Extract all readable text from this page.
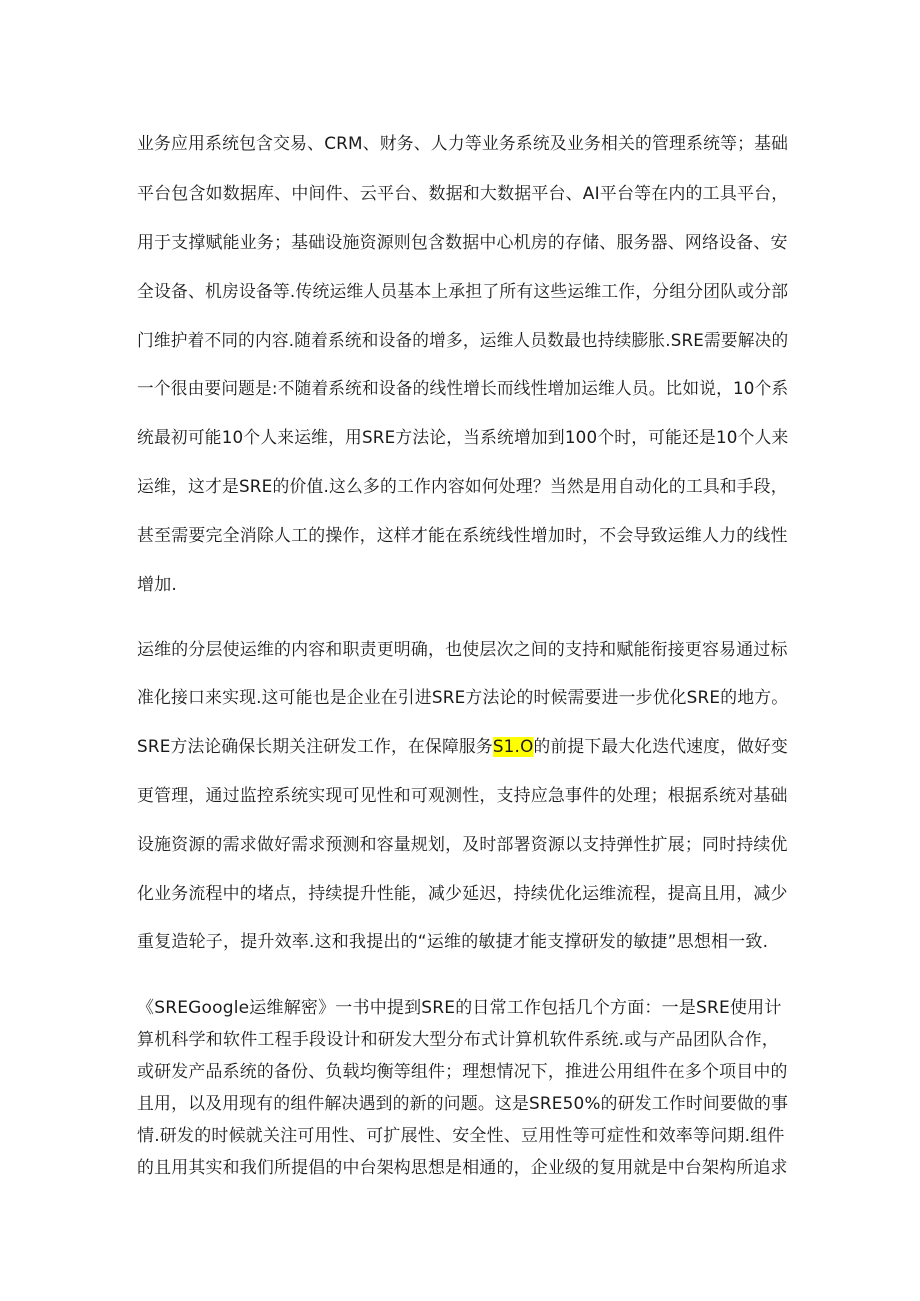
业务应用系统包含交易、CRM、财务、人力等业务系统及业务相关的管理系统等；基础
平台包含如数据库、中间件、云平台、数据和大数据平台、AI平台等在内的工具平台，
用于支撑赋能业务；基础设施资源则包含数据中心机房的存储、服务器、网络设备、安
全设备、机房设备等.传统运维人员基本上承担了所有这些运维工作，分组分团队或分部
门维护着不同的内容.随着系统和设备的增多，运维人员数最也持续膨胀.SRE需要解决的
一个很由要问题是:不随着系统和设备的线性增长而线性增加运维人员。比如说，10个系
统最初可能10个人来运维，用SRE方法论，当系统增加到100个时，可能还是10个人来
运维，这才是SRE的价值.这么多的工作内容如何处理？当然是用自动化的工具和手段，
甚至需要完全消除人工的操作，这样才能在系统线性增加时，不会导致运维人力的线性
增加.
运维的分层使运维的内容和职责更明确，也使层次之间的支持和赋能衔接更容易通过标
准化接口来实现.这可能也是企业在引进SRE方法论的时候需要进一步优化SRE的地方。
SRE方法论确保长期关注研发工作，在保障服务S1.O的前提下最大化迭代速度，做好变
更管理，通过监控系统实现可见性和可观测性，支持应急事件的处理；根据系统对基础
设施资源的需求做好需求预测和容量规划，及时部署资源以支持弹性扩展；同时持续优
化业务流程中的堵点，持续提升性能，减少延迟，持续优化运维流程，提高且用，减少
重复造轮子，提升效率.这和我提出的“运维的敏捷才能支撑研发的敏捷”思想相一致.
《SREGoogle运维解密》一书中提到SRE的日常工作包括几个方面：一是SRE使用计
算机科学和软件工程手段设计和研发大型分布式计算机软件系统.或与产品团队合作，
或研发产品系统的备份、负载均衡等组件；理想情况下，推进公用组件在多个项目中的
且用，以及用现有的组件解决遇到的新的问题。这是SRE50%的研发工作时间要做的事
情.研发的时候就关注可用性、可扩展性、安全性、豆用性等可症性和效率等问期.组件
的且用其实和我们所提倡的中台架构思想是相通的，企业级的复用就是中台架构所追求
